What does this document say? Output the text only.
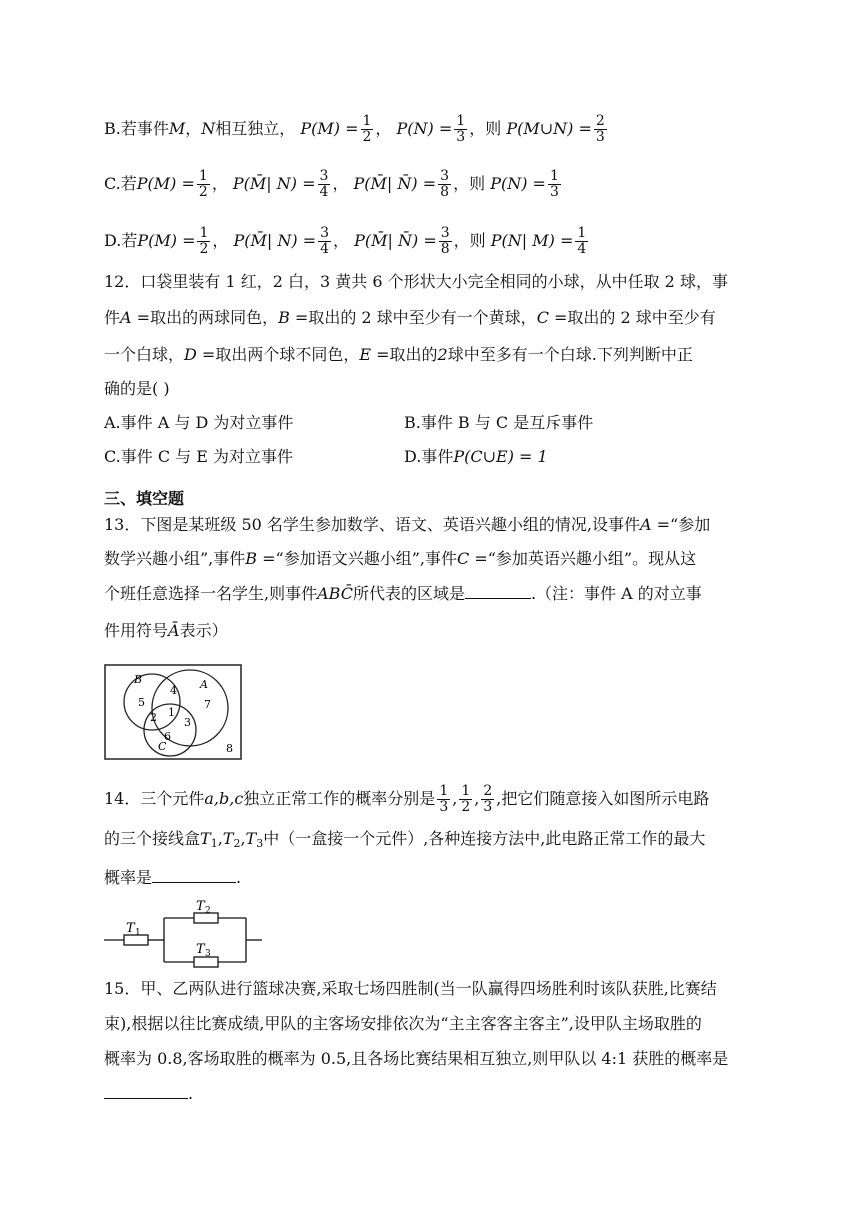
B.若事件M，N相互独立， $P(M) = \frac{1}{2}$ ， $P(N) = \frac{1}{3}$ ，则 P(M∪N) = $\frac{2}{3}$
C.若$P(M) = \frac{1}{2}$ ， P(M̄| $N) = \frac{3}{4}$ ， P(M̄| N̄) = $\frac{3}{8}$ ，则 $P(N) = \frac{1}{3}$
D.若$P(M) = \frac{1}{2}$ ， P(M̄| $N) = \frac{3}{4}$ ， P(M̄| N̄) = $\frac{3}{8}$ ，则 P(N| $M) = \frac{1}{4}$
12．口袋里装有 1 红，2 白，3 黄共 6 个形状大小完全相同的小球，从中任取 2 球，事
件A =取出的两球同色，B =取出的 2 球中至少有一个黄球，C =取出的 2 球中至少有
一个白球，D =取出两个球不同色，E =取出的2球中至多有一个白球.下列判断中正
确的是( )
A.事件 A 与 D 为对立事件	B.事件 B 与 C 是互斥事件
C.事件 C 与 E 为对立事件	D.事件P(C∪E) = 1
三、填空题
13．下图是某班级 50 名学生参加数学、语文、英语兴趣小组的情况,设事件A =“参加
数学兴趣小组”,事件B =“参加语文兴趣小组”,事件C =“参加英语兴趣小组”。现从这
个班任意选择一名学生,则事件ABC̄所代表的区域是	.（注：事件 A 的对立事
件用符号Ā表示）
B	A
C
5
4
7
2 1
3
6
8
14．三个元件a,b,c独立正常工作的概率分别是 $\frac{1}{3}$ , $\frac{1}{2}$ , $\frac{2}{3}$ ,把它们随意接入如图所示电路
的三个接线盒$T_1,T_2,T_3$中（一盒接一个元件）,各种连接方法中,此电路正常工作的最大
概率是	.
T 1
T 2
T 3
15．甲、乙两队进行篮球决赛,采取七场四胜制(当一队赢得四场胜利时该队获胜,比赛结
束),根据以往比赛成绩,甲队的主客场安排依次为“主主客客主客主”,设甲队主场取胜的
概率为 0.8,客场取胜的概率为 0.5,且各场比赛结果相互独立,则甲队以 4:1 获胜的概率是
.
